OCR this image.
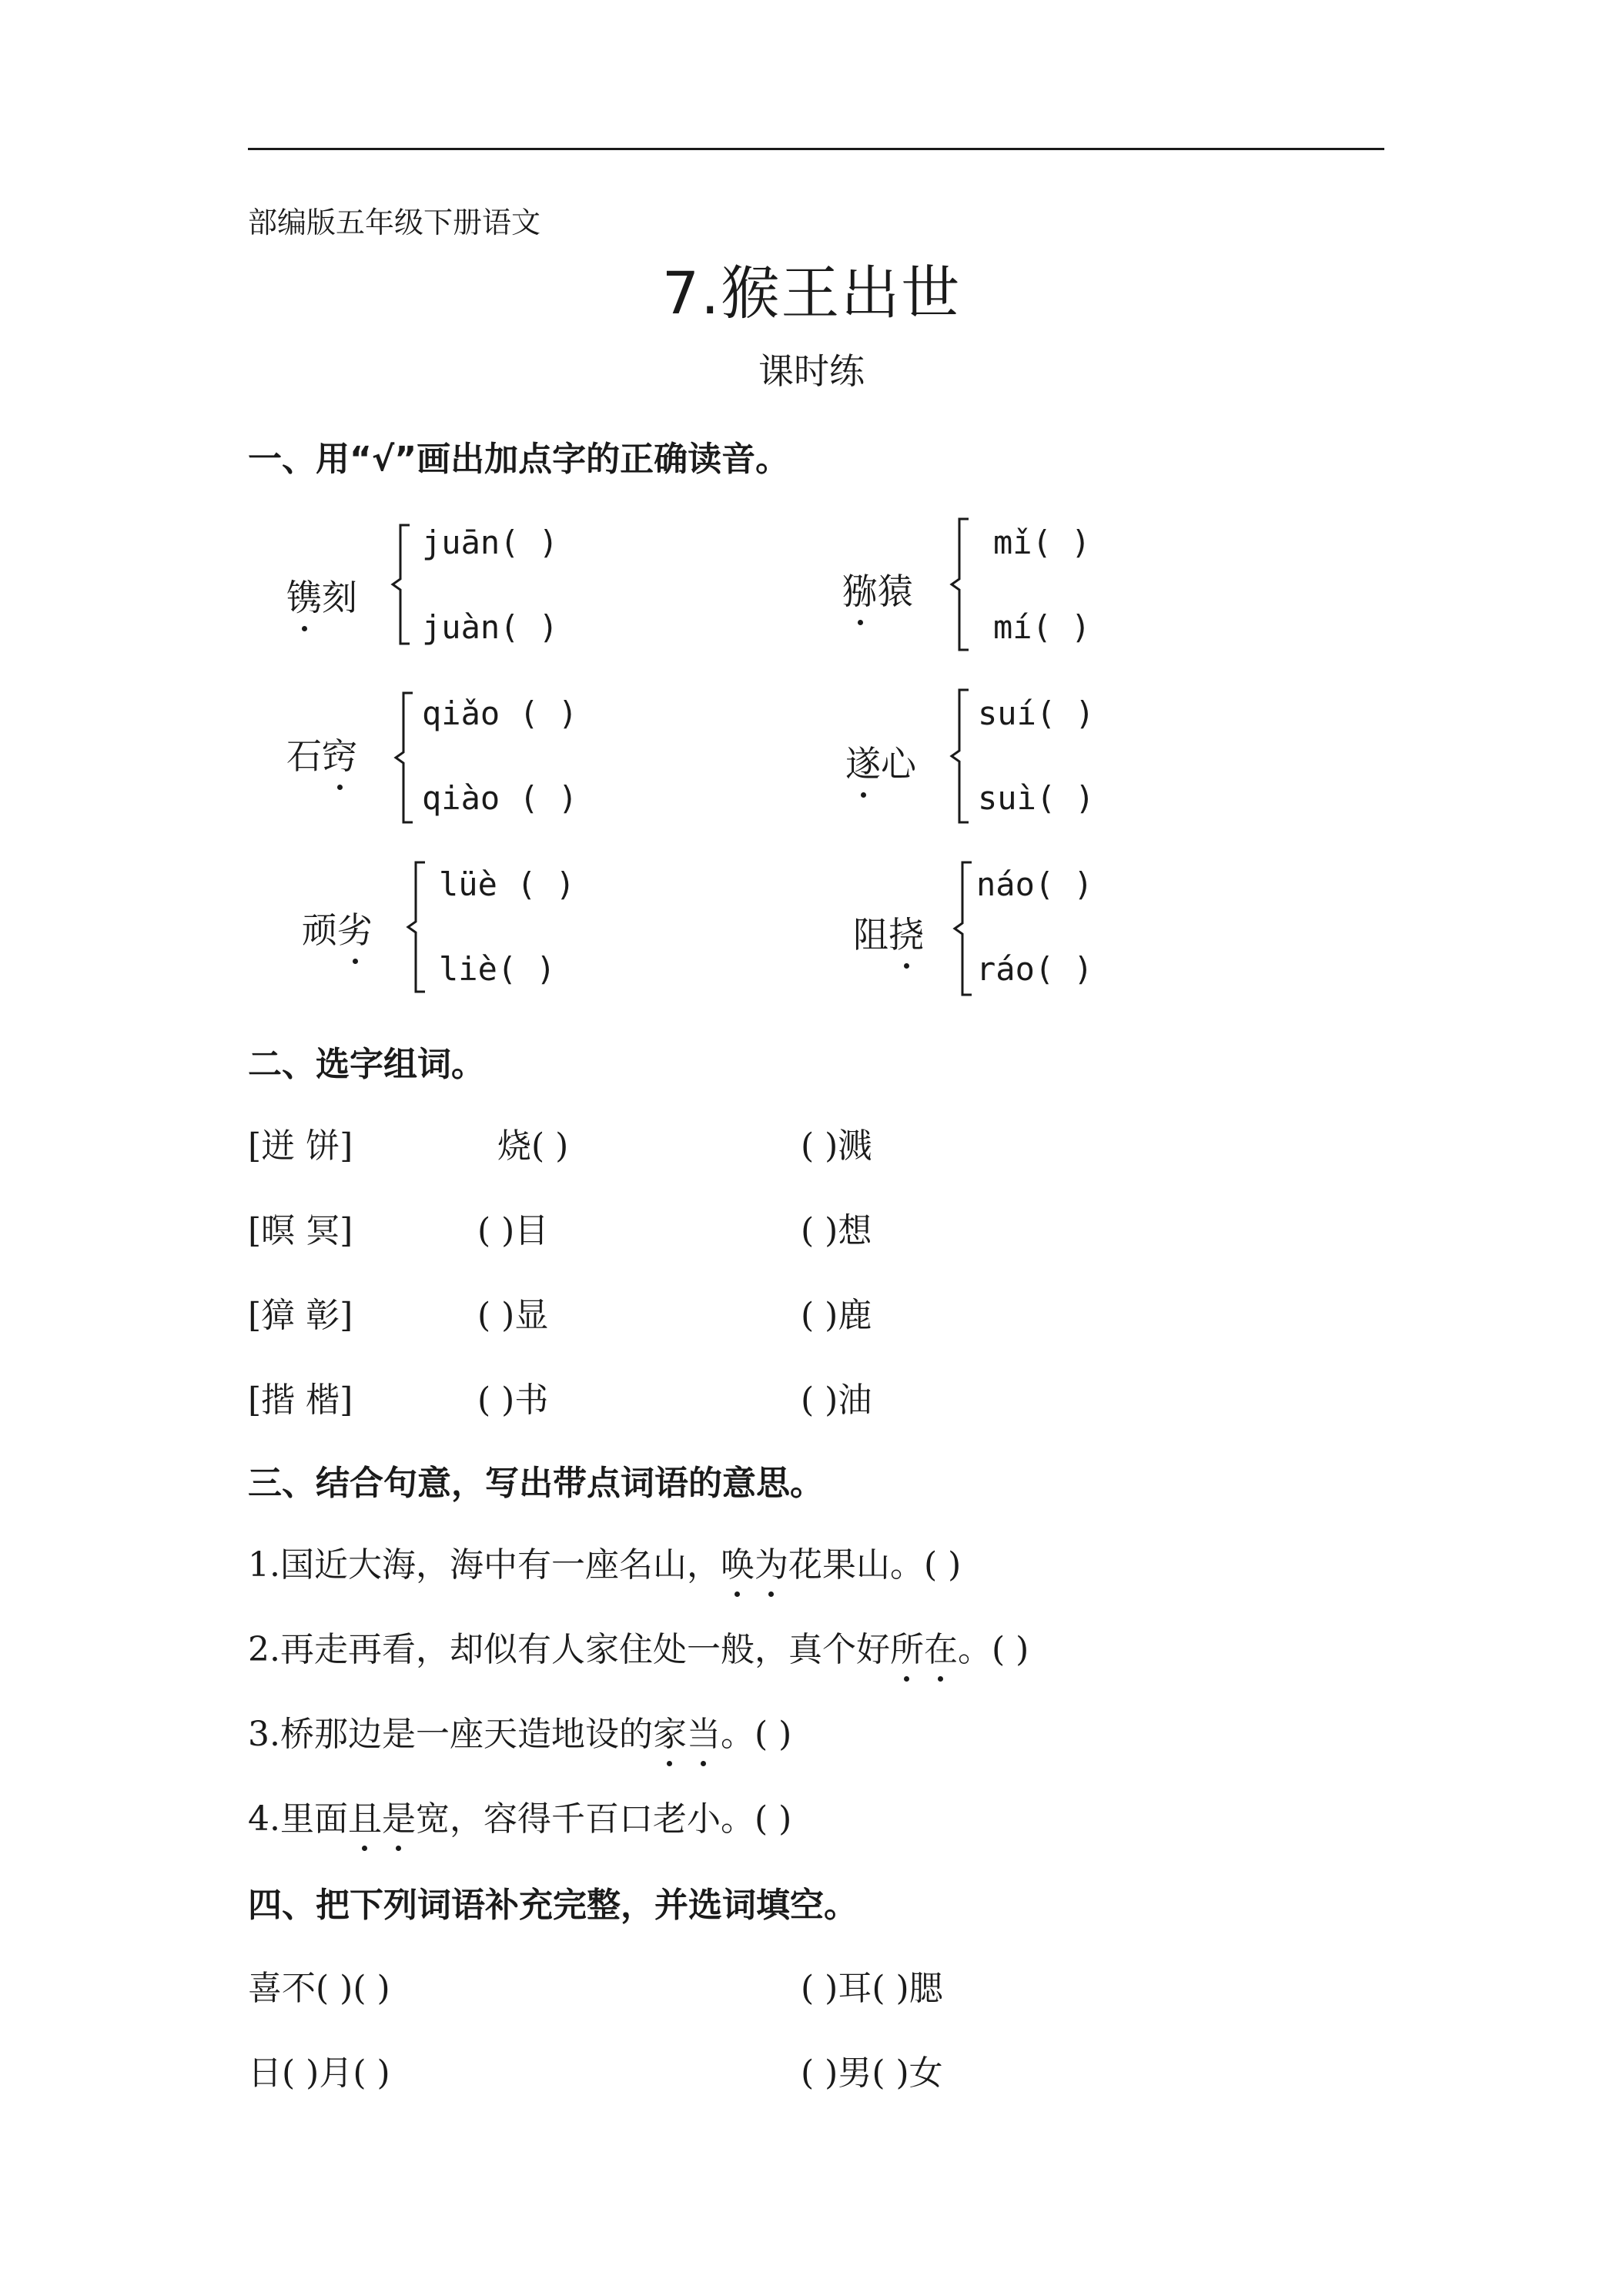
部编版五年级下册语文
7.猴王出世
课时练
一、用“√”画出加点字的正确读音。
镌刻
juān( )
juàn( )
猕猿
mǐ( )
mí( )
石窍
qiǎo ( )
qiào ( )
遂心
suí( )
suì( )
顽劣
lüè ( )
liè( )
阻挠
náo( )
ráo( )
二、选字组词。
[迸 饼]	烧( )	( )溅
[暝 冥]	( )目	( )想
[獐 彰]	( )显	( )鹿
[揩 楷]	( )书	( )油
三、结合句意，写出带点词语的意思。
1.国近大海，海中有一座名山，唤为花果山。( )
2.再走再看，却似有人家住处一般，真个好所在。( )
3.桥那边是一座天造地设的家当。( )
4.里面且是宽，容得千百口老小。( )
四、把下列词语补充完整，并选词填空。
喜不( )( )	( )耳( )腮
日( )月( )	( )男( )女
